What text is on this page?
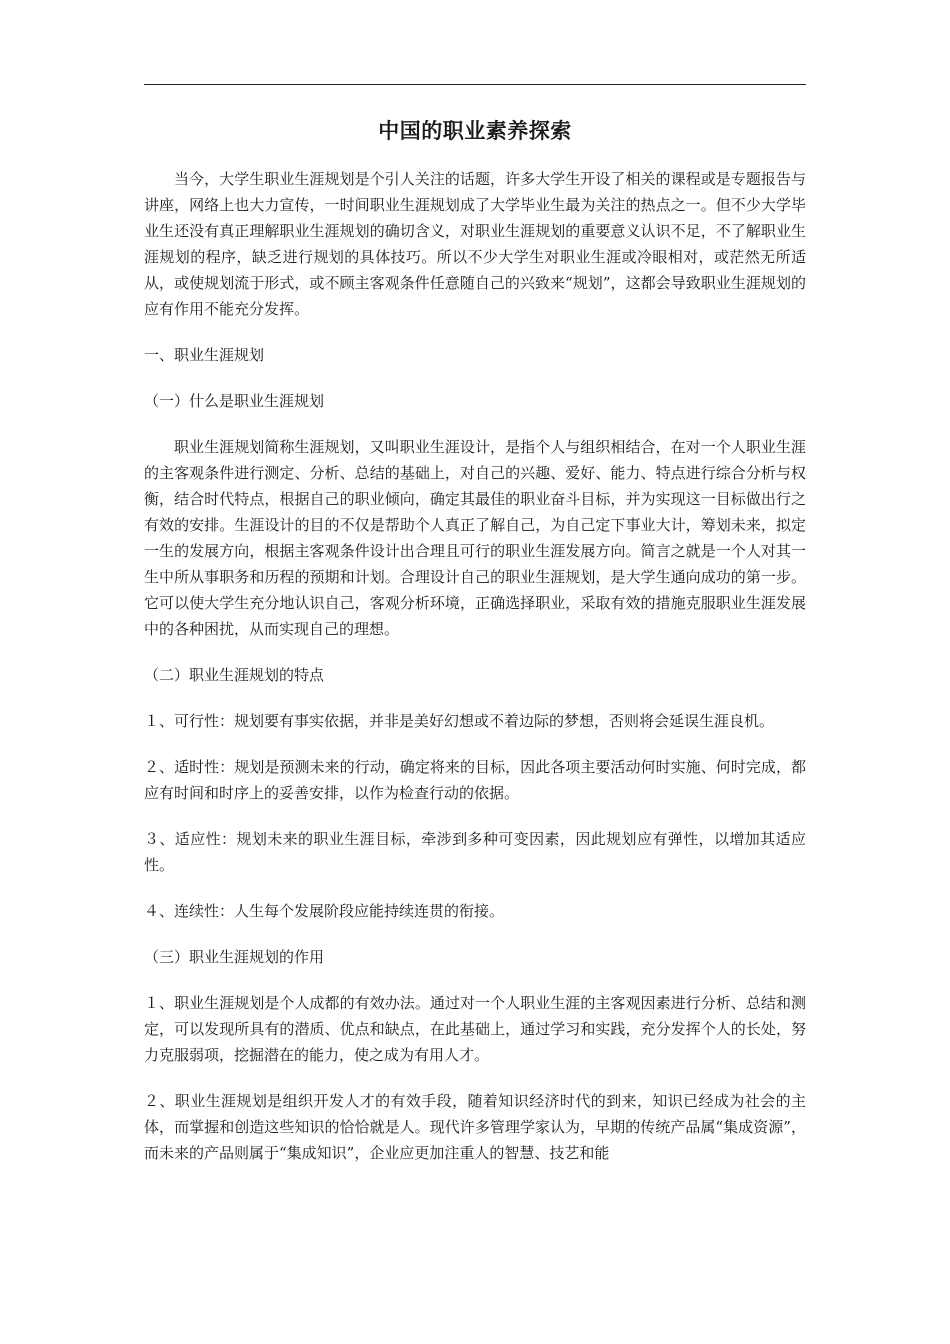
中国的职业素养探索

当今，大学生职业生涯规划是个引人关注的话题，许多大学生开设了相关的课程或是专题报告与讲座，网络上也大力宣传，一时间职业生涯规划成了大学毕业生最为关注的热点之一。但不少大学毕业生还没有真正理解职业生涯规划的确切含义，对职业生涯规划的重要意义认识不足，不了解职业生涯规划的程序，缺乏进行规划的具体技巧。所以不少大学生对职业生涯或冷眼相对，或茫然无所适从，或使规划流于形式，或不顾主客观条件任意随自己的兴致来“规划”，这都会导致职业生涯规划的应有作用不能充分发挥。

一、职业生涯规划

（一）什么是职业生涯规划

职业生涯规划简称生涯规划，又叫职业生涯设计，是指个人与组织相结合，在对一个人职业生涯的主客观条件进行测定、分析、总结的基础上，对自己的兴趣、爱好、能力、特点进行综合分析与权衡，结合时代特点，根据自己的职业倾向，确定其最佳的职业奋斗目标，并为实现这一目标做出行之有效的安排。生涯设计的目的不仅是帮助个人真正了解自己，为自己定下事业大计，筹划未来，拟定一生的发展方向，根据主客观条件设计出合理且可行的职业生涯发展方向。简言之就是一个人对其一生中所从事职务和历程的预期和计划。合理设计自己的职业生涯规划，是大学生通向成功的第一步。它可以使大学生充分地认识自己，客观分析环境，正确选择职业，采取有效的措施克服职业生涯发展中的各种困扰，从而实现自己的理想。

（二）职业生涯规划的特点

１、可行性：规划要有事实依据，并非是美好幻想或不着边际的梦想，否则将会延误生涯良机。

２、适时性：规划是预测未来的行动，确定将来的目标，因此各项主要活动何时实施、何时完成，都应有时间和时序上的妥善安排，以作为检查行动的依据。

３、适应性：规划未来的职业生涯目标，牵涉到多种可变因素，因此规划应有弹性，以增加其适应性。

４、连续性：人生每个发展阶段应能持续连贯的衔接。

（三）职业生涯规划的作用

１、职业生涯规划是个人成都的有效办法。通过对一个人职业生涯的主客观因素进行分析、总结和测定，可以发现所具有的潜质、优点和缺点，在此基础上，通过学习和实践，充分发挥个人的长处，努力克服弱项，挖掘潜在的能力，使之成为有用人才。

２、职业生涯规划是组织开发人才的有效手段，随着知识经济时代的到来，知识已经成为社会的主体，而掌握和创造这些知识的恰恰就是人。现代许多管理学家认为，早期的传统产品属“集成资源”，而未来的产品则属于“集成知识”，企业应更加注重人的智慧、技艺和能
